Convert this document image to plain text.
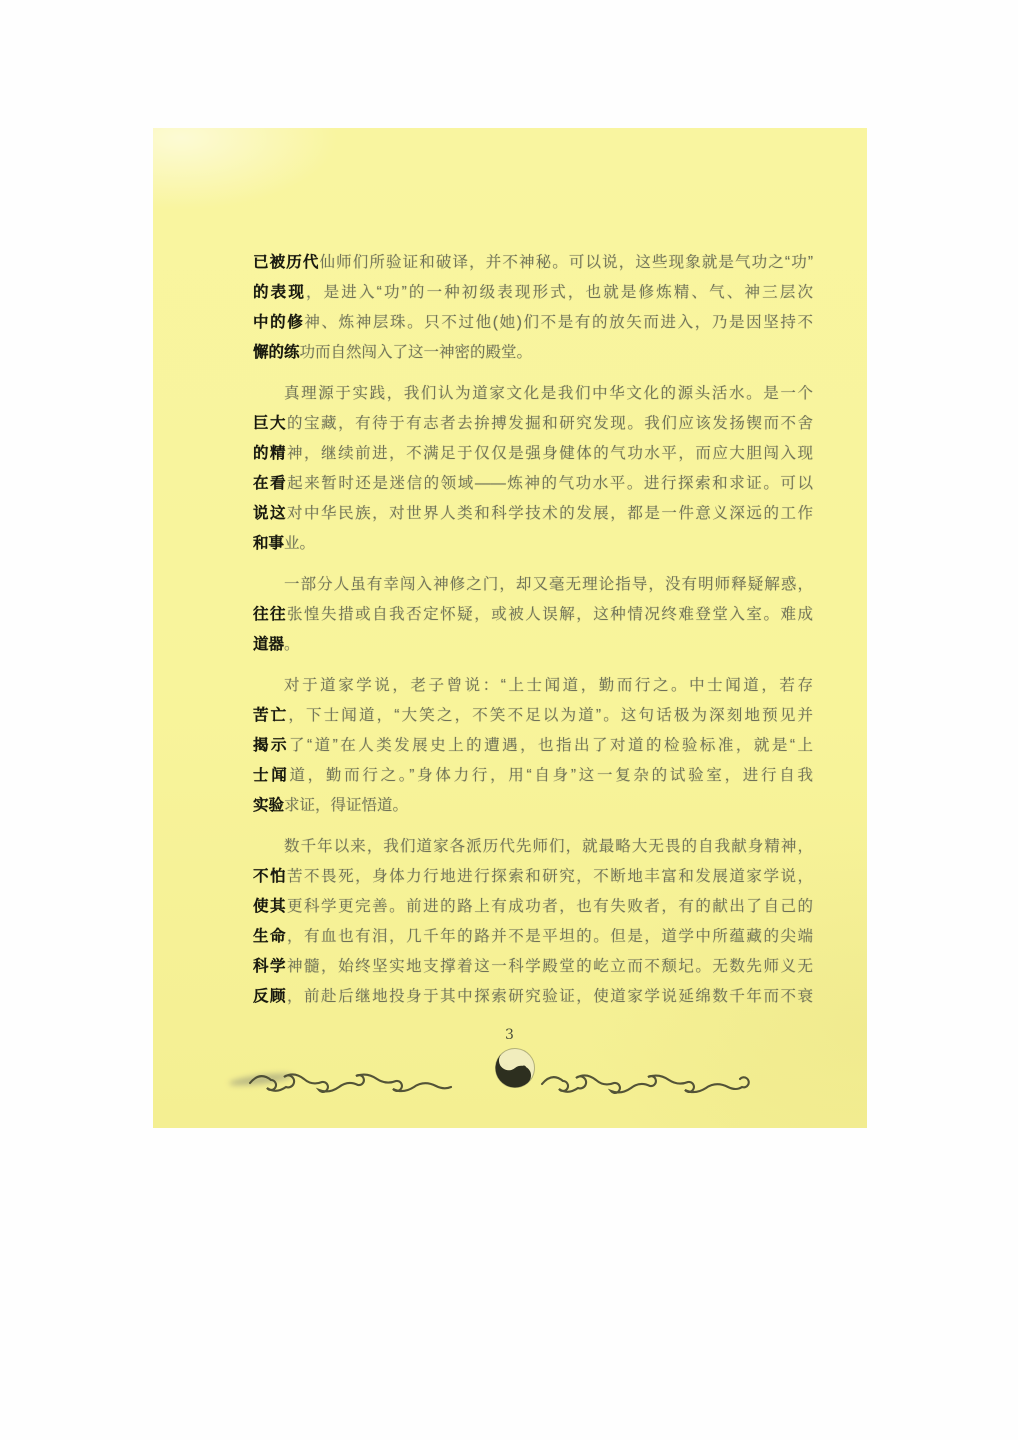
已被历代仙师们所验证和破译，并不神秘。可以说，这些现象就是气功之“功”
的表现，是进入“功”的一种初级表现形式，也就是修炼精、气、神三层次
中的修神、炼神层珠。只不过他(她)们不是有的放矢而进入，乃是因坚持不
懈的练功而自然闯入了这一神密的殿堂。
真理源于实践，我们认为道家文化是我们中华文化的源头活水。是一个
巨大的宝藏，有待于有志者去拚搏发掘和研究发现。我们应该发扬锲而不舍
的精神，继续前进，不满足于仅仅是强身健体的气功水平，而应大胆闯入现
在看起来暂时还是迷信的领域——炼神的气功水平。进行探索和求证。可以
说这对中华民族，对世界人类和科学技术的发展，都是一件意义深远的工作
和事业。
一部分人虽有幸闯入神修之门，却又毫无理论指导，没有明师释疑解惑，
往往张惶失措或自我否定怀疑，或被人误解，这种情况终难登堂入室。难成
道器。
对于道家学说，老子曾说：“上士闻道，勤而行之。中士闻道，若存
苦亡，下士闻道，“大笑之，不笑不足以为道”。这句话极为深刻地预见并
揭示了“道”在人类发展史上的遭遇，也指出了对道的检验标准，就是“上
士闻道，勤而行之。”身体力行，用“自身”这一复杂的试验室，进行自我
实验求证，得证悟道。
数千年以来，我们道家各派历代先师们，就最略大无畏的自我献身精神，
不怕苦不畏死，身体力行地进行探索和研究，不断地丰富和发展道家学说，
使其更科学更完善。前进的路上有成功者，也有失败者，有的献出了自己的
生命，有血也有泪，几千年的路并不是平坦的。但是，道学中所蕴藏的尖端
科学神髓，始终坚实地支撑着这一科学殿堂的屹立而不颓圮。无数先师义无
反顾，前赴后继地投身于其中探索研究验证，使道家学说延绵数千年而不衰
3
